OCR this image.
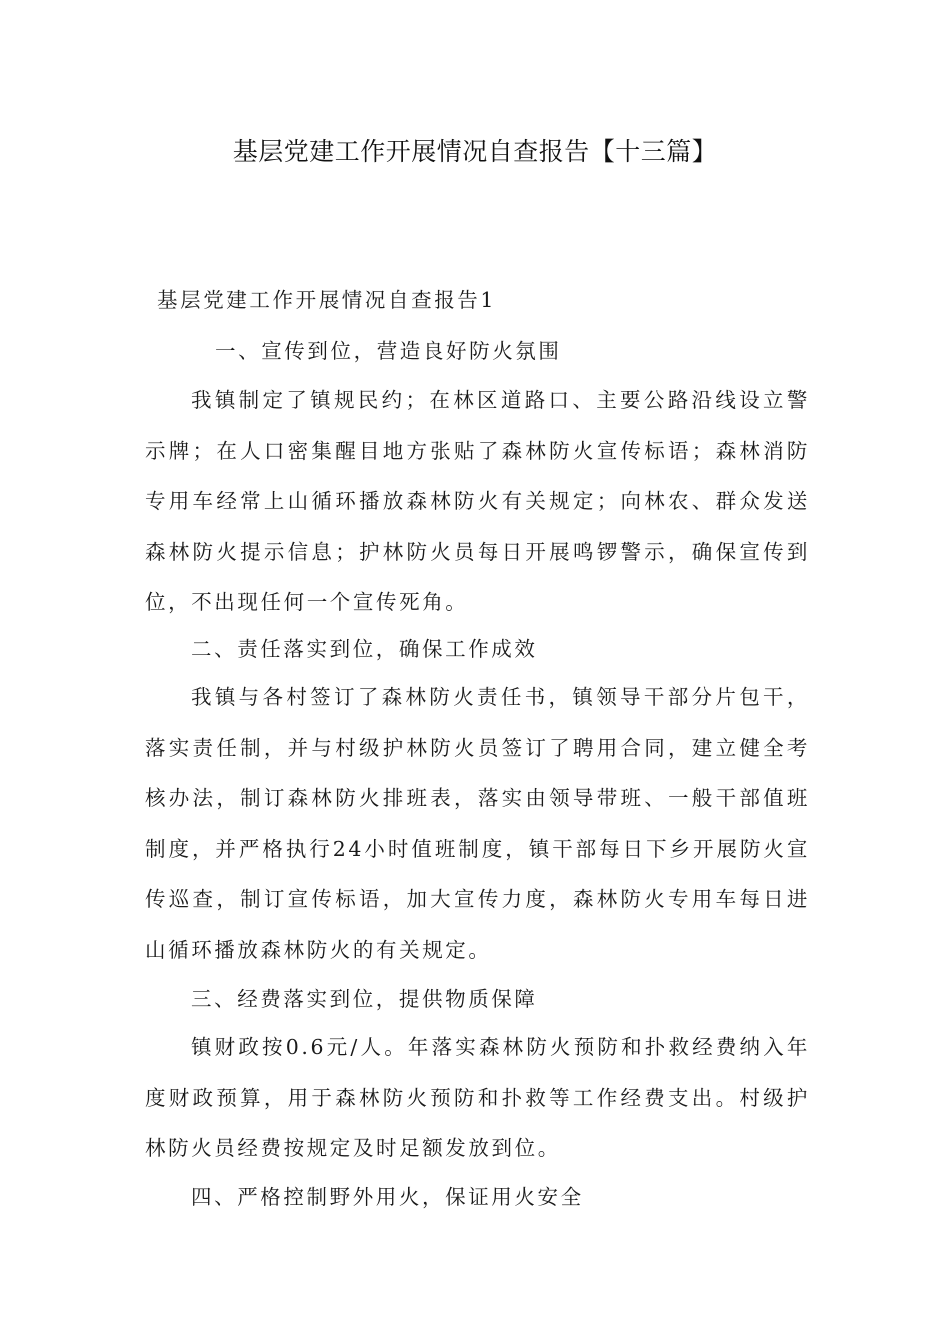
基层党建工作开展情况自查报告【十三篇】
基层党建工作开展情况自查报告1
一、宣传到位，营造良好防火氛围
我镇制定了镇规民约；在林区道路口、主要公路沿线设立警示牌；在人口密集醒目地方张贴了森林防火宣传标语；森林消防专用车经常上山循环播放森林防火有关规定；向林农、群众发送森林防火提示信息；护林防火员每日开展鸣锣警示，确保宣传到位，不出现任何一个宣传死角。
二、责任落实到位，确保工作成效
我镇与各村签订了森林防火责任书，镇领导干部分片包干，落实责任制，并与村级护林防火员签订了聘用合同，建立健全考核办法，制订森林防火排班表，落实由领导带班、一般干部值班制度，并严格执行24小时值班制度，镇干部每日下乡开展防火宣传巡查，制订宣传标语，加大宣传力度，森林防火专用车每日进山循环播放森林防火的有关规定。
三、经费落实到位，提供物质保障
镇财政按0.6元/人。年落实森林防火预防和扑救经费纳入年度财政预算，用于森林防火预防和扑救等工作经费支出。村级护林防火员经费按规定及时足额发放到位。
四、严格控制野外用火，保证用火安全
